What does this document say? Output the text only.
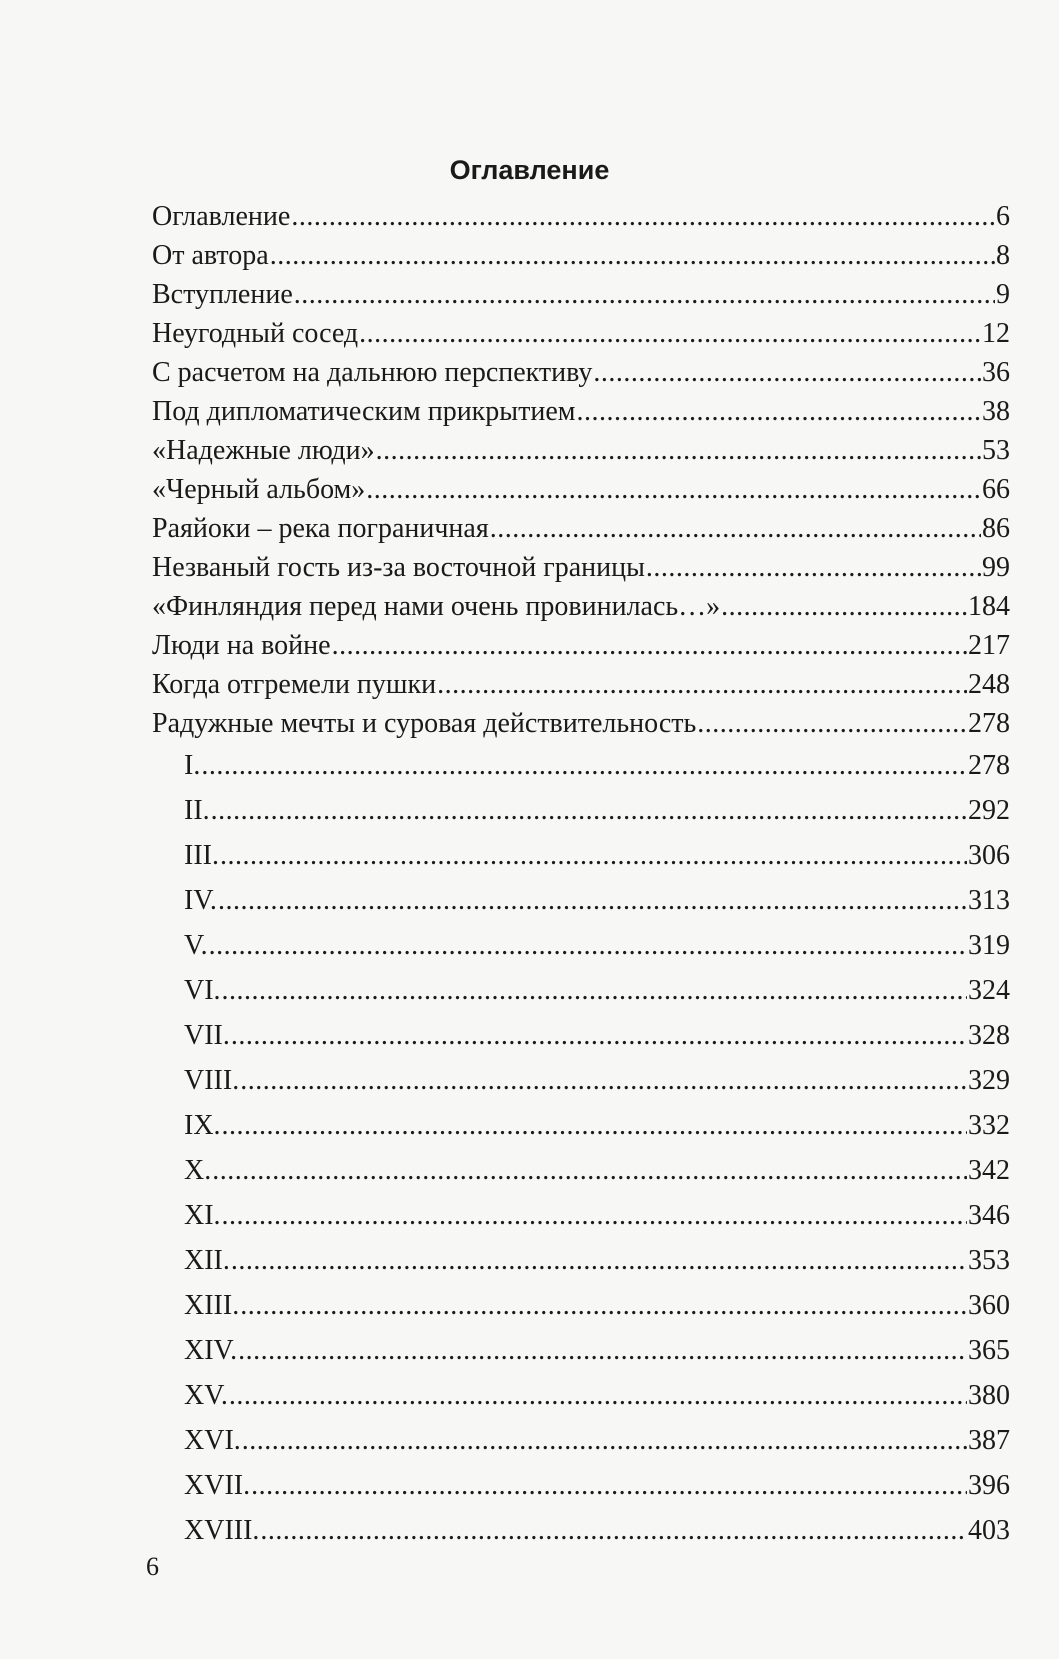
Оглавление
Оглавление .....	6
От автора .....	8
Вступление .....	9
Неугодный сосед .....	12
С расчетом на дальнюю перспективу .....	36
Под дипломатическим прикрытием .....	38
«Надежные люди» .....	53
«Черный альбом» .....	66
Раяйоки – река пограничная .....	86
Незваный гость из-за восточной границы .....	99
«Финляндия перед нами очень провинилась…» .....	184
Люди на войне .....	217
Когда отгремели пушки .....	248
Радужные мечты и суровая действительность .....	278
I. .....	278
II. .....	292
III. .....	306
IV. .....	313
V. .....	319
VI. .....	324
VII. .....	328
VIII. .....	329
IX. .....	332
X. .....	342
XI. .....	346
XII. .....	353
XIII. .....	360
XIV. .....	365
XV. .....	380
XVI. .....	387
XVII. .....	396
XVIII. .....	403
6
